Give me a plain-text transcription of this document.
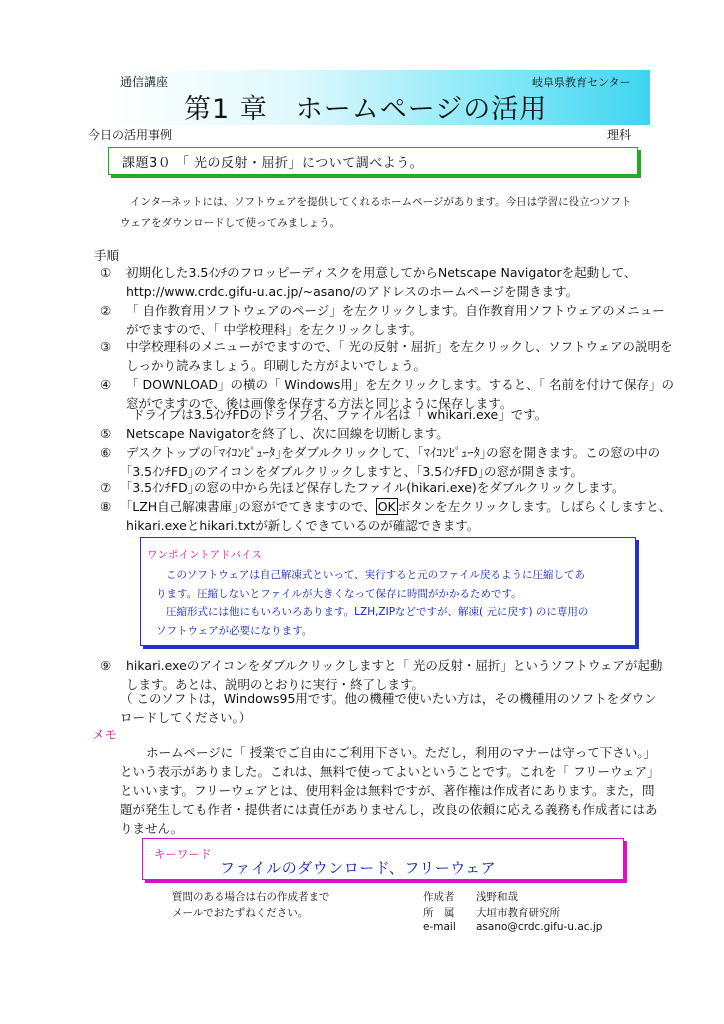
通信講座	岐阜県教育センター
第1 章　ホームページの活用
今日の活用事例	理科
課題3０ 「 光の反射・屈折」について調べよう。
インターネットには、ソフトウェアを提供してくれるホームページがあります。今日は学習に役立つソフトウェアをダウンロードして使ってみましょう。
手順
① 初期化した3.5ｲﾝﾁのフロッピーディスクを用意してからNetscape Navigatorを起動して、http://www.crdc.gifu-u.ac.jp/~asano/のアドレスのホームページを開きます。
② 「 自作教育用ソフトウェアのページ」を左クリックします。自作教育用ソフトウェアのメニューがでますので、「 中学校理科」を左クリックします。
③ 中学校理科のメニューがでますので、「 光の反射・屈折」を左クリックし、ソフトウェアの説明をしっかり読みましょう。印刷した方がよいでしょう。
④ 「 DOWNLOAD」の横の「 Windows用」を左クリックします。すると、「 名前を付けて保存」の窓がでますので、後は画像を保存する方法と同じように保存します。
ドライブは3.5ｲﾝﾁFDのドライブ名、ファイル名は「 whikari.exe」です。
⑤ Netscape Navigatorを終了し、次に回線を切断します。
⑥ デスクトップの｢ﾏｲｺﾝﾋﾟｭｰﾀ｣をダブルクリックして、｢ﾏｲｺﾝﾋﾟｭｰﾀ｣の窓を開きます。この窓の中の｢3.5ｲﾝﾁFD｣のアイコンをダブルクリックしますと、｢3.5ｲﾝﾁFD｣の窓が開きます。
⑦ ｢3.5ｲﾝﾁFD｣の窓の中から先ほど保存したファイル(hikari.exe)をダブルクリックします。
⑧ ｢LZH自己解凍書庫｣の窓がでてきますので、 OK ボタンを左クリックします。しばらくしますと、hikari.exeとhikari.txtが新しくできているのが確認できます。
ワンポイントアドバイス
このソフトウェアは自己解凍式といって、実行すると元のファイル戻るように圧縮してあ
ります。圧縮しないとファイルが大きくなって保存に時間がかかるためです。
圧縮形式には他にもいろいろあります。LZH,ZIPなどですが、解凍( 元に戻す) のに専用の
ソフトウェアが必要になります。
⑨ hikari.exeのアイコンをダブルクリックしますと「 光の反射・屈折」というソフトウェアが起動します。あとは、説明のとおりに実行・終了します。
（ このソフトは，Windows95用です。他の機種で使いたい方は，その機種用のソフトをダウンロードしてください。）
メモ
ホームページに「 授業でご自由にご利用下さい。ただし，利用のマナーは守って下さい。」という表示がありました。これは、無料で使ってよいということです。これを「 フリーウェア」といいます。フリーウェアとは、使用料金は無料ですが、著作権は作成者にあります。また，問題が発生しても作者・提供者には責任がありませんし，改良の依頼に応える義務も作成者にはありません。
キーワード
ファイルのダウンロード、フリーウェア
質問のある場合は右の作成者まで
メールでおたずねください。
作成者 浅野和哉
所　属 大垣市教育研究所
e-mail asano@crdc.gifu-u.ac.jp
